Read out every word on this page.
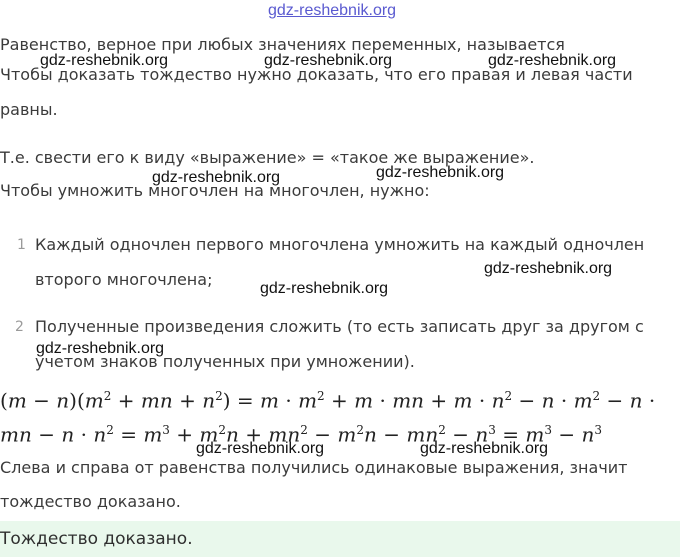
gdz-reshebnik.org
Равенство, верное при любых значениях переменных, называется
Чтобы доказать тождество нужно доказать, что его правая и левая части
равны.
Т.е. свести его к виду «выражение» = «такое же выражение».
Чтобы умножить многочлен на многочлен, нужно:
1 Каждый одночлен первого многочлена умножить на каждый одночлен
второго многочлена;
2 Полученные произведения сложить (то есть записать друг за другом с
учетом знаков полученных при умножении).
$(m - n)(m^2$ + mn + $n^2) = m \cdot m^2 + m$ · mn + $m \cdot n^2 - n \cdot m^2 - n$ ·
mn − $n \cdot n^2 = m^3 + m^2n + mn^2 - m^2n - mn^2 - n^3 = m^3 - n^3$
Слева и справа от равенства получились одинаковые выражения, значит
тождество доказано.
Тождество доказано.
gdz-reshebnik.org	gdz-reshebnik.org	gdz-reshebnik.org
gdz-reshebnik.org	gdz-reshebnik.org
gdz-reshebnik.org
gdz-reshebnik.org
gdz-reshebnik.org
gdz-reshebnik.org	gdz-reshebnik.org
